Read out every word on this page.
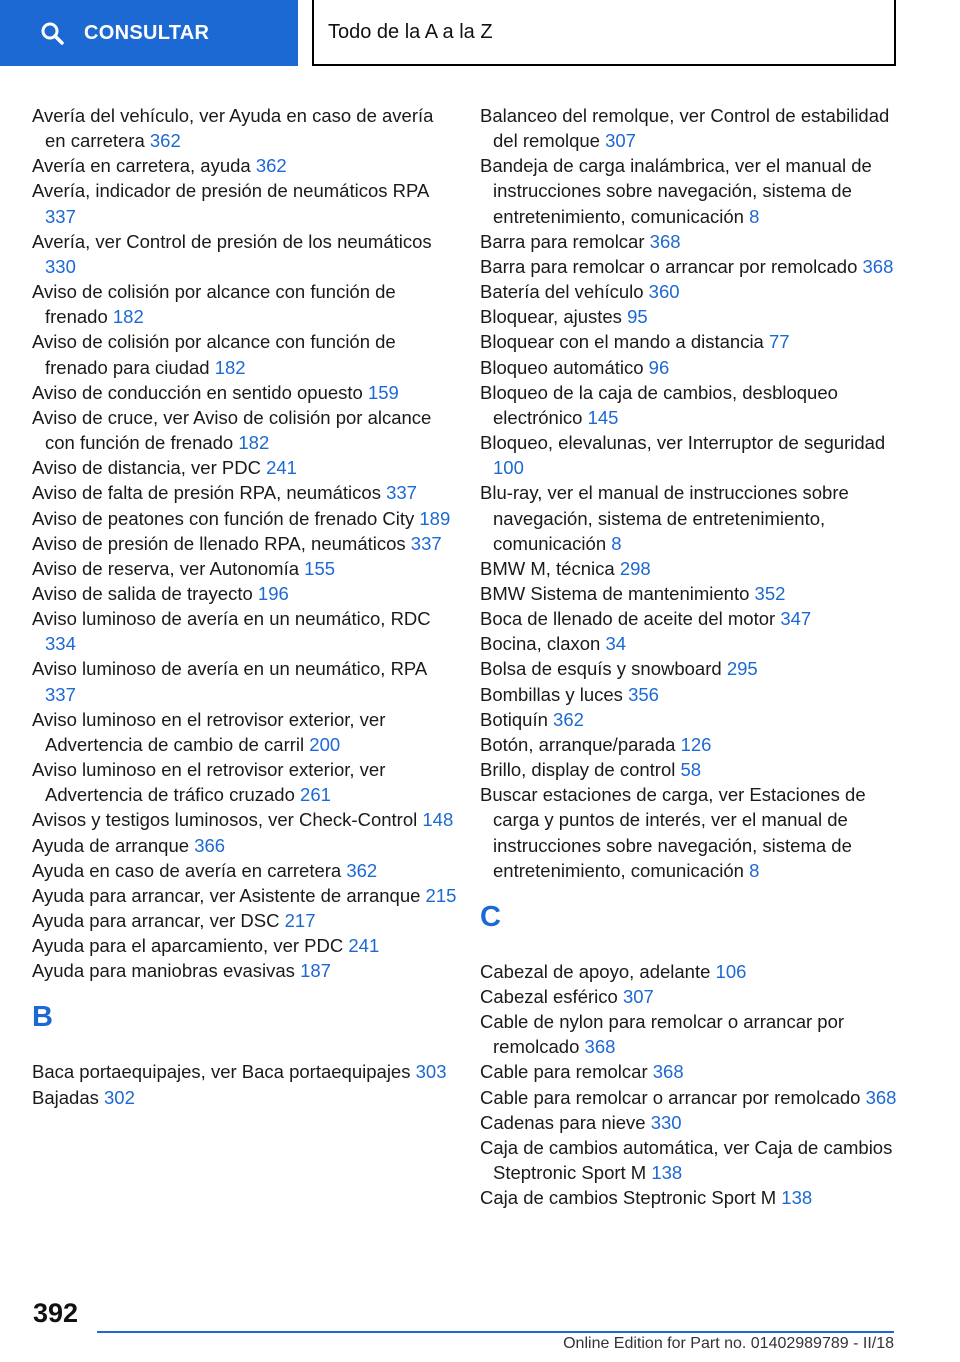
CONSULTAR	Todo de la A a la Z
Avería del vehículo, ver Ayuda en caso de avería en carretera 362
Avería en carretera, ayuda 362
Avería, indicador de presión de neumáticos RPA 337
Avería, ver Control de presión de los neumáticos 330
Aviso de colisión por alcance con función de frenado 182
Aviso de colisión por alcance con función de frenado para ciudad 182
Aviso de conducción en sentido opuesto 159
Aviso de cruce, ver Aviso de colisión por alcance con función de frenado 182
Aviso de distancia, ver PDC 241
Aviso de falta de presión RPA, neumáticos 337
Aviso de peatones con función de frenado City 189
Aviso de presión de llenado RPA, neumáticos 337
Aviso de reserva, ver Autonomía 155
Aviso de salida de trayecto 196
Aviso luminoso de avería en un neumático, RDC 334
Aviso luminoso de avería en un neumático, RPA 337
Aviso luminoso en el retrovisor exterior, ver Advertencia de cambio de carril 200
Aviso luminoso en el retrovisor exterior, ver Advertencia de tráfico cruzado 261
Avisos y testigos luminosos, ver Check-Control 148
Ayuda de arranque 366
Ayuda en caso de avería en carretera 362
Ayuda para arrancar, ver Asistente de arranque 215
Ayuda para arrancar, ver DSC 217
Ayuda para el aparcamiento, ver PDC 241
Ayuda para maniobras evasivas 187
B
Baca portaequipajes, ver Baca portaequipajes 303
Bajadas 302
Balanceo del remolque, ver Control de estabilidad del remolque 307
Bandeja de carga inalámbrica, ver el manual de instrucciones sobre navegación, sistema de entretenimiento, comunicación 8
Barra para remolcar 368
Barra para remolcar o arrancar por remolcado 368
Batería del vehículo 360
Bloquear, ajustes 95
Bloquear con el mando a distancia 77
Bloqueo automático 96
Bloqueo de la caja de cambios, desbloqueo electrónico 145
Bloqueo, elevalunas, ver Interruptor de seguridad 100
Blu-ray, ver el manual de instrucciones sobre navegación, sistema de entretenimiento, comunicación 8
BMW M, técnica 298
BMW Sistema de mantenimiento 352
Boca de llenado de aceite del motor 347
Bocina, claxon 34
Bolsa de esquís y snowboard 295
Bombillas y luces 356
Botiquín 362
Botón, arranque/parada 126
Brillo, display de control 58
Buscar estaciones de carga, ver Estaciones de carga y puntos de interés, ver el manual de instrucciones sobre navegación, sistema de entretenimiento, comunicación 8
C
Cabezal de apoyo, adelante 106
Cabezal esférico 307
Cable de nylon para remolcar o arrancar por remolcado 368
Cable para remolcar 368
Cable para remolcar o arrancar por remolcado 368
Cadenas para nieve 330
Caja de cambios automática, ver Caja de cambios Steptronic Sport M 138
Caja de cambios Steptronic Sport M 138
392
Online Edition for Part no. 01402989789 - II/18
